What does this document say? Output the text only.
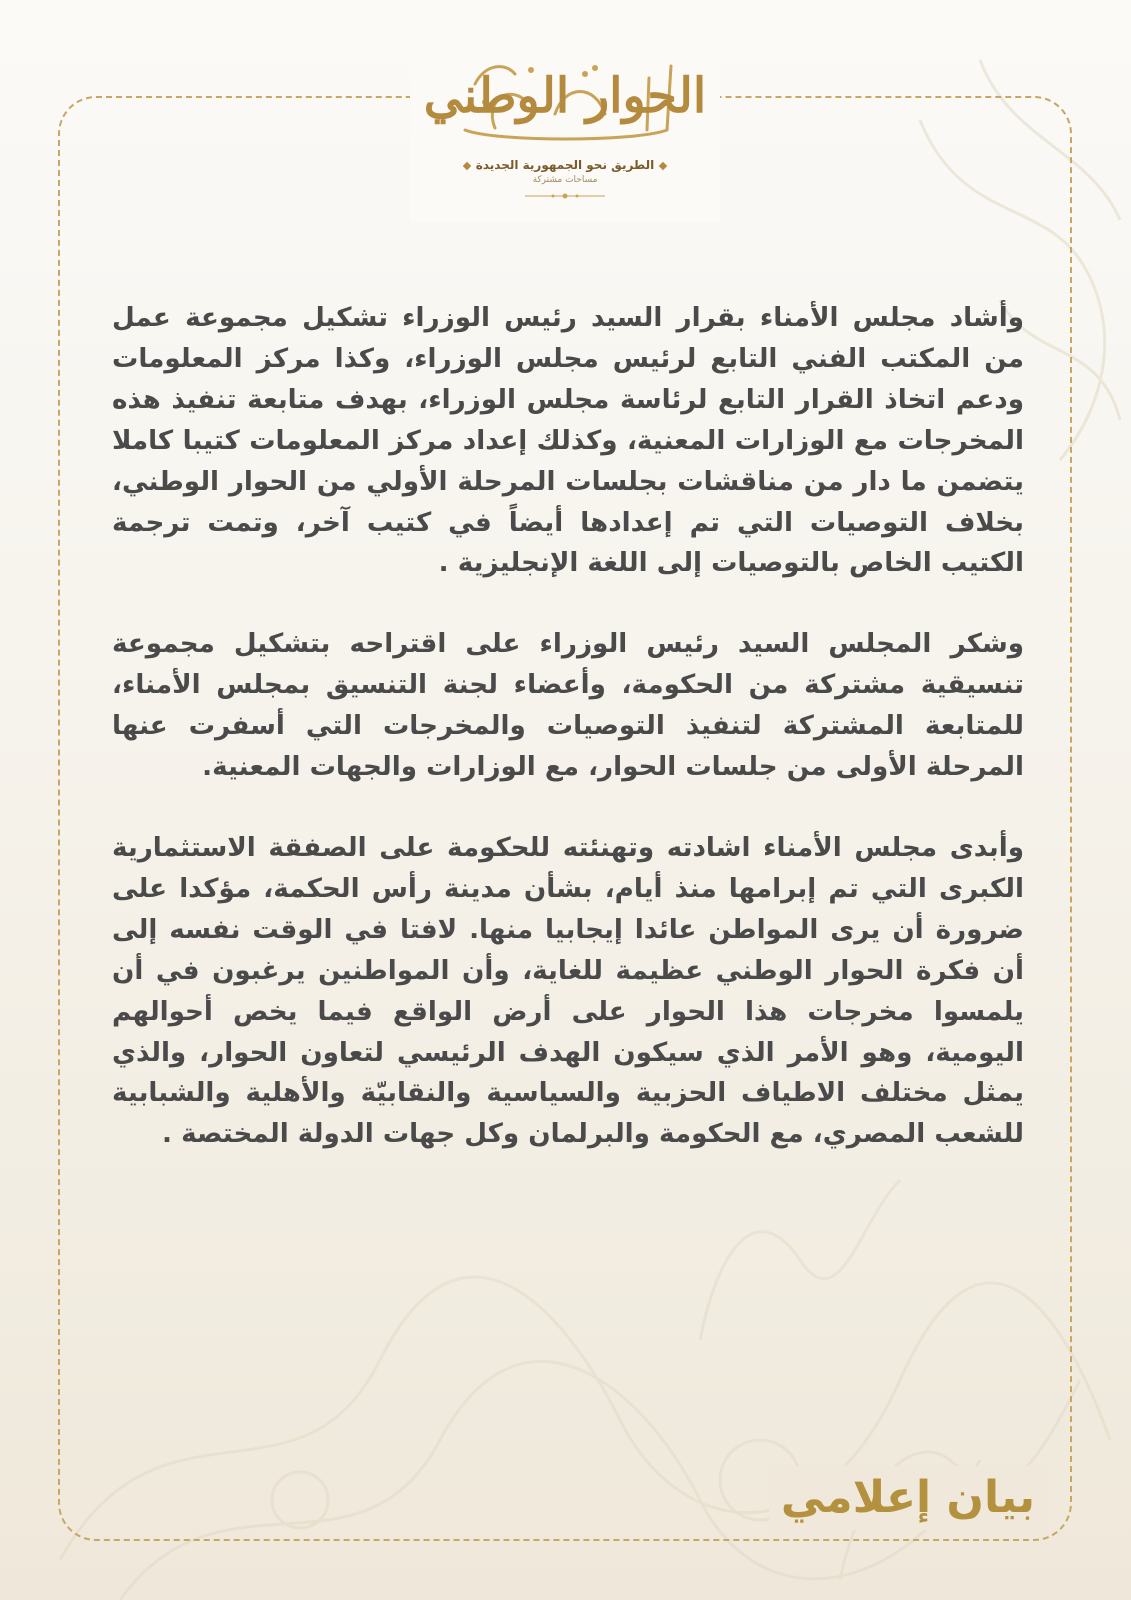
الحوار الوطني
الطريق نحو الجمهورية الجديدة
مساحات مشتركة

وأشاد مجلس الأمناء بقرار السيد رئيس الوزراء تشكيل مجموعة عمل من المكتب الفني التابع لرئيس مجلس الوزراء، وكذا مركز المعلومات ودعم اتخاذ القرار التابع لرئاسة مجلس الوزراء، بهدف متابعة تنفيذ هذه المخرجات مع الوزارات المعنية، وكذلك إعداد مركز المعلومات كتيبا كاملا يتضمن ما دار من مناقشات بجلسات المرحلة الأولي من الحوار الوطني، بخلاف التوصيات التي تم إعدادها أيضاً في كتيب آخر، وتمت ترجمة الكتيب الخاص بالتوصيات إلى اللغة الإنجليزية .

وشكر المجلس السيد رئيس الوزراء على اقتراحه بتشكيل مجموعة تنسيقية مشتركة من الحكومة، وأعضاء لجنة التنسيق بمجلس الأمناء، للمتابعة المشتركة لتنفيذ التوصيات والمخرجات التي أسفرت عنها المرحلة الأولى من جلسات الحوار، مع الوزارات والجهات المعنية.

وأبدى مجلس الأمناء اشادته وتهنئته للحكومة على الصفقة الاستثمارية الكبرى التي تم إبرامها منذ أيام، بشأن مدينة رأس الحكمة، مؤكدا على ضرورة أن يرى المواطن عائدا إيجابيا منها. لافتا في الوقت نفسه إلى أن فكرة الحوار الوطني عظيمة للغاية، وأن المواطنين يرغبون في أن يلمسوا مخرجات هذا الحوار على أرض الواقع فيما يخص أحوالهم اليومية، وهو الأمر الذي سيكون الهدف الرئيسي لتعاون الحوار، والذي يمثل مختلف الاطياف الحزبية والسياسية والنقابيّة والأهلية والشبابية للشعب المصري، مع الحكومة والبرلمان وكل جهات الدولة المختصة .

بيان إعلامي
